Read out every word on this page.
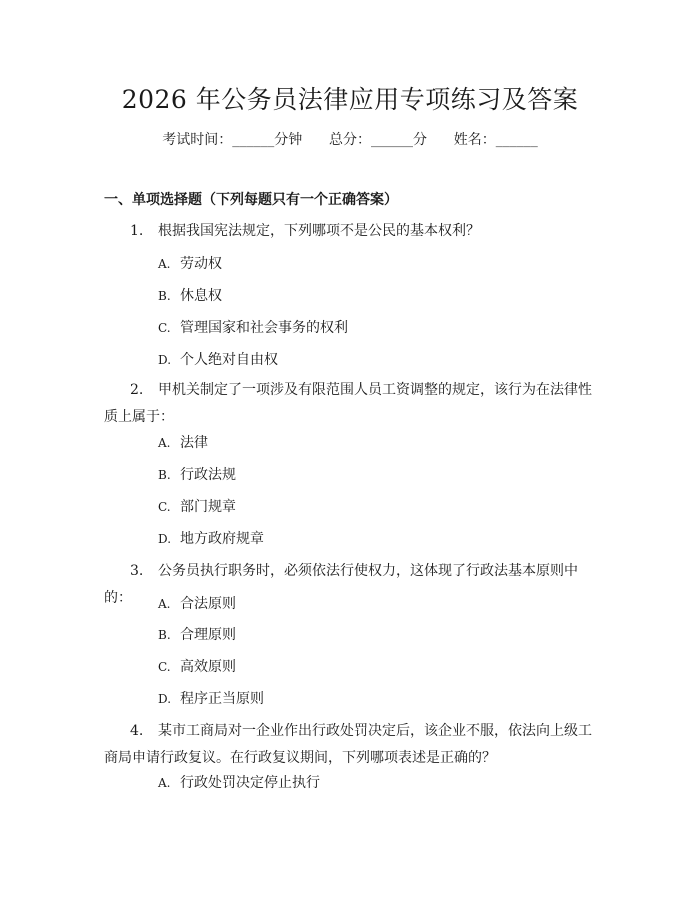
2026 年公务员法律应用专项练习及答案
考试时间：______分钟 总分：______分 姓名：______
一、单项选择题（下列每题只有一个正确答案）
1. 根据我国宪法规定，下列哪项不是公民的基本权利？
A. 劳动权
B. 休息权
C. 管理国家和社会事务的权利
D. 个人绝对自由权
2. 甲机关制定了一项涉及有限范围人员工资调整的规定，该行为在法律性质上属于：
A. 法律
B. 行政法规
C. 部门规章
D. 地方政府规章
3. 公务员执行职务时，必须依法行使权力，这体现了行政法基本原则中的：	A. 合法原则
B. 合理原则
C. 高效原则
D. 程序正当原则
4. 某市工商局对一企业作出行政处罚决定后，该企业不服，依法向上级工商局申请行政复议。在行政复议期间，下列哪项表述是正确的？
A. 行政处罚决定停止执行
